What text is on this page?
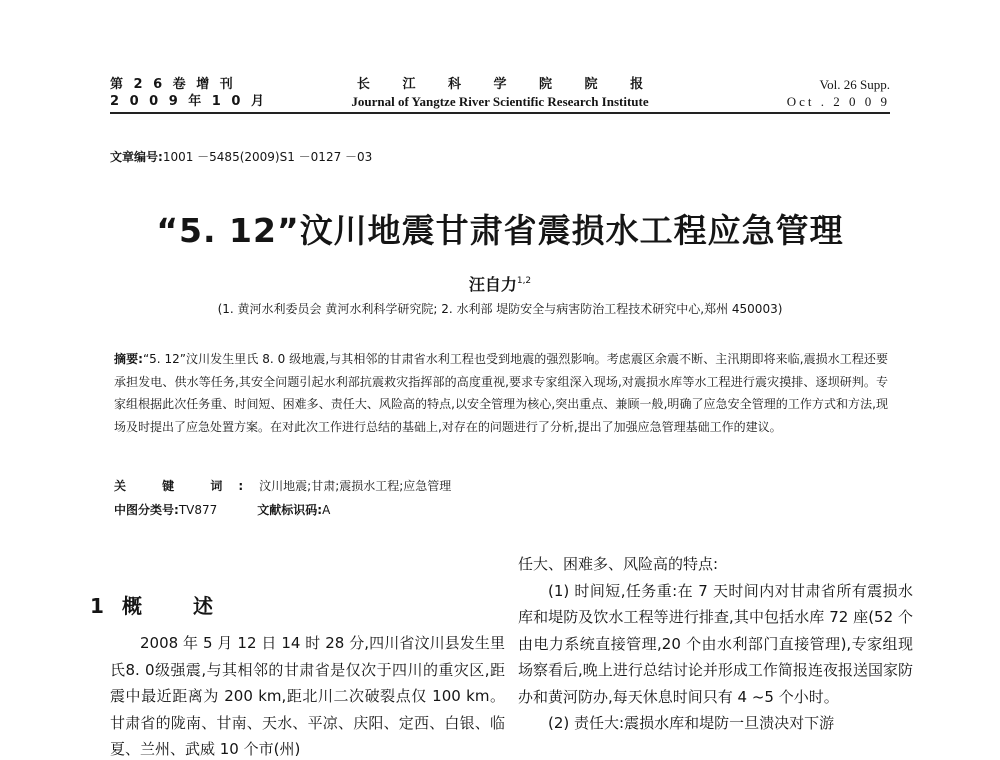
第 2 6 卷 增 刊
2 0 0 9 年 1 0 月
长 江 科 学 院 院 报
Journal of Yangtze River Scientific Research Institute
Vol. 26 Supp.
Oct . 2 0 0 9
文章编号:1001 －5485(2009)S1 －0127 －03
“5. 12”汶川地震甘肃省震损水工程应急管理
汪自力$^{1,2}$
(1. 黄河水利委员会 黄河水利科学研究院; 2. 水利部 堤防安全与病害防治工程技术研究中心,郑州 450003)
摘要:“5. 12”汶川发生里氏 8. 0 级地震,与其相邻的甘肃省水利工程也受到地震的强烈影响。考虑震区余震不断、主汛期即将来临,震损水工程还要承担发电、供水等任务,其安全问题引起水利部抗震救灾指挥部的高度重视,要求专家组深入现场,对震损水库等水工程进行震灾摸排、逐坝研判。专家组根据此次任务重、时间短、困难多、责任大、风险高的特点,以安全管理为核心,突出重点、兼顾一般,明确了应急安全管理的工作方式和方法,现场及时提出了应急处置方案。在对此次工作进行总结的基础上,对存在的问题进行了分析,提出了加强应急管理基础工作的建议。
关 键 词:汶川地震;甘肃;震损水工程;应急管理
中图分类号:TV877	文献标识码:A
1 概 述

2008 年 5 月 12 日 14 时 28 分,四川省汶川县发生里氏8. 0级强震,与其相邻的甘肃省是仅次于四川的重灾区,距震中最近距离为 200 km,距北川二次破裂点仅 100 km。甘肃省的陇南、甘南、天水、平凉、庆阳、定西、白银、临夏、兰州、武威 10 个市(州)

任大、困难多、风险高的特点:

(1) 时间短,任务重:在 7 天时间内对甘肃省所有震损水库和堤防及饮水工程等进行排查,其中包括水库 72 座(52 个由电力系统直接管理,20 个由水利部门直接管理),专家组现场察看后,晚上进行总结讨论并形成工作简报连夜报送国家防办和黄河防办,每天休息时间只有 4 ~5 个小时。

(2) 责任大:震损水库和堤防一旦溃决对下游
